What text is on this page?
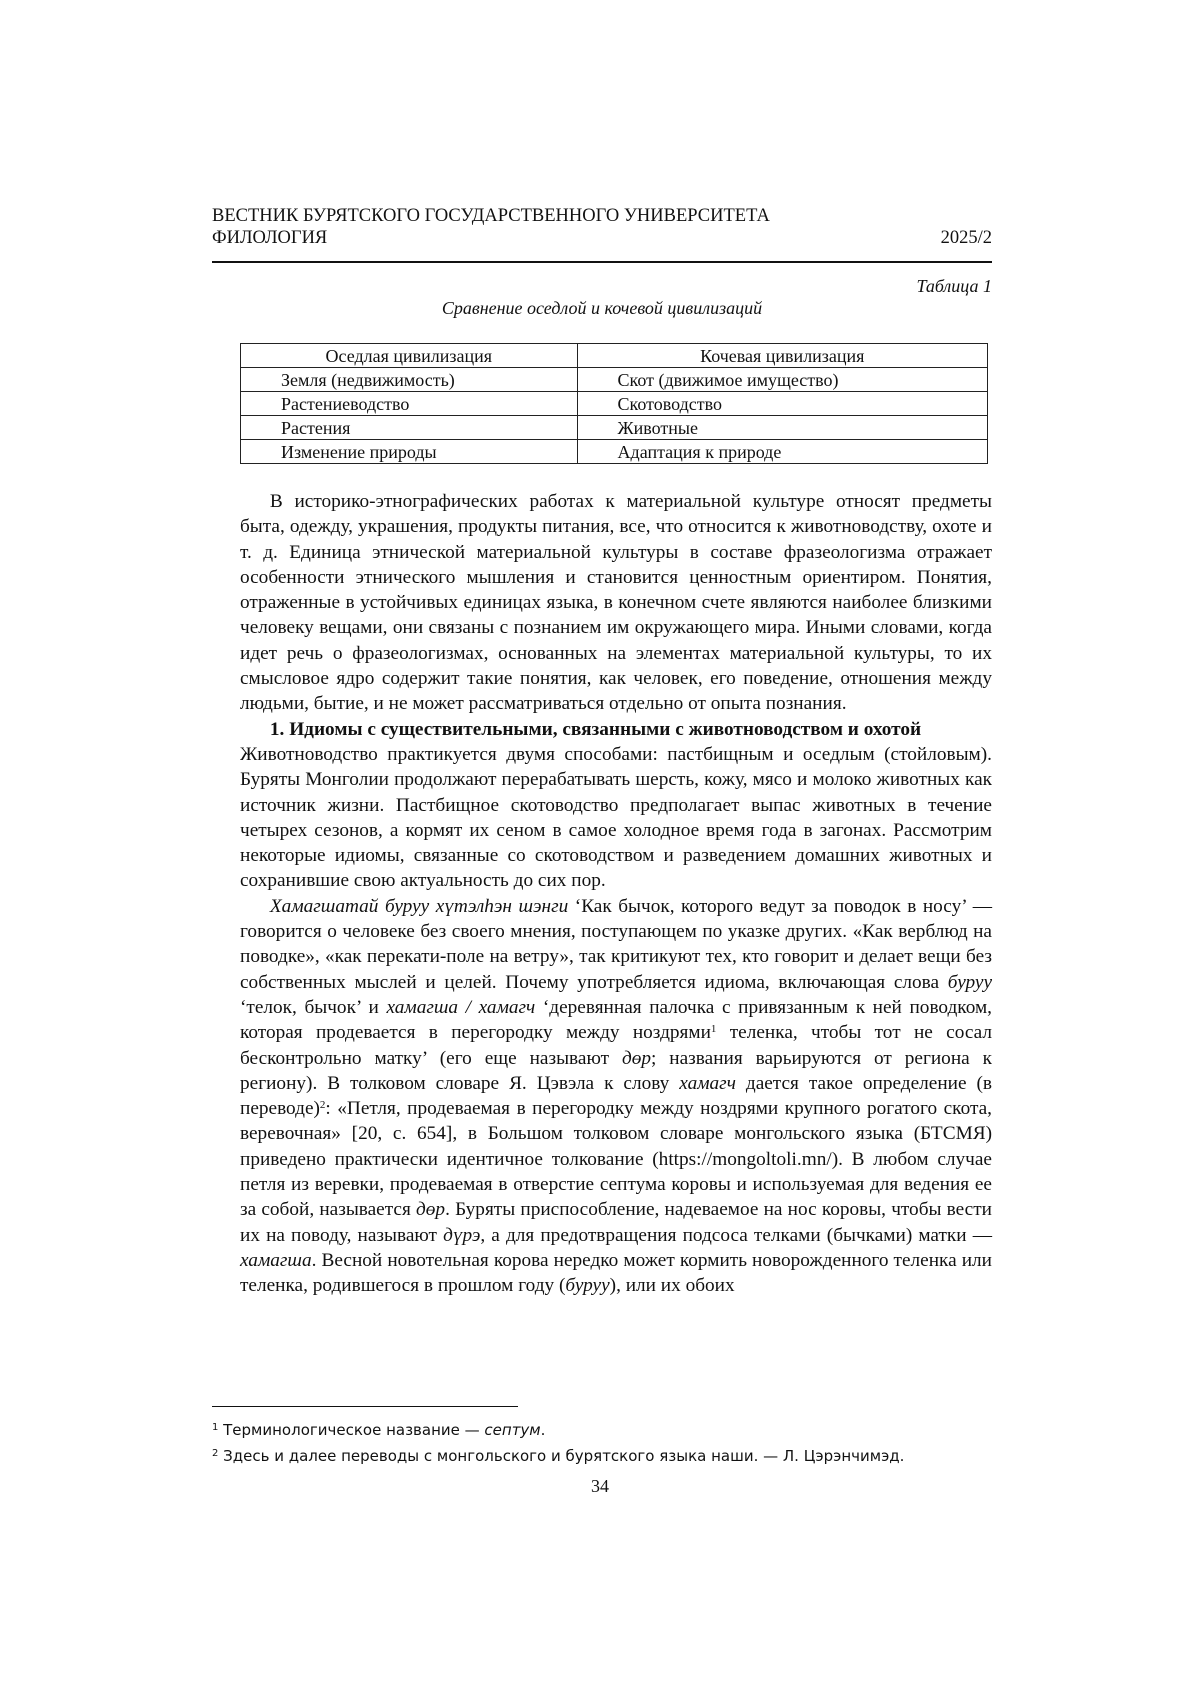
ВЕСТНИК БУРЯТСКОГО ГОСУДАРСТВЕННОГО УНИВЕРСИТЕТА
ФИЛОЛОГИЯ	2025/2
Таблица 1
Сравнение оседлой и кочевой цивилизаций
Оседлая цивилизация	Кочевая цивилизация
Земля (недвижимость)	Скот (движимое имущество)
Растениеводство	Скотоводство
Растения	Животные
Изменение природы	Адаптация к природе

В историко-этнографических работах к материальной культуре относят предметы быта, одежду, украшения, продукты питания, все, что относится к животноводству, охоте и т. д. Единица этнической материальной культуры в составе фразеологизма отражает особенности этнического мышления и становится ценностным ориентиром. Понятия, отраженные в устойчивых единицах языка, в конечном счете являются наиболее близкими человеку вещами, они связаны с познанием им окружающего мира. Иными словами, когда идет речь о фразеологизмах, основанных на элементах материальной культуры, то их смысловое ядро содержит такие понятия, как человек, его поведение, отношения между людьми, бытие, и не может рассматриваться отдельно от опыта познания.

1. Идиомы с существительными, связанными с животноводством и охотой

Животноводство практикуется двумя способами: пастбищным и оседлым (стойловым). Буряты Монголии продолжают перерабатывать шерсть, кожу, мясо и молоко животных как источник жизни. Пастбищное скотоводство предполагает выпас животных в течение четырех сезонов, а кормят их сеном в самое холодное время года в загонах. Рассмотрим некоторые идиомы, связанные со скотоводством и разведением домашних животных и сохранившие свою актуальность до сих пор.

Хамагшатай буруу хүтэлһэн шэнги ‘Как бычок, которого ведут за поводок в носу’ — говорится о человеке без своего мнения, поступающем по указке других. «Как верблюд на поводке», «как перекати-поле на ветру», так критикуют тех, кто говорит и делает вещи без собственных мыслей и целей. Почему употребляется идиома, включающая слова буруу ‘телок, бычок’ и хамагша / хамагч ‘деревянная палочка с привязанным к ней поводком, которая продевается в перегородку между ноздрями1 теленка, чтобы тот не сосал бесконтрольно матку’ (его еще называют дөр; названия варьируются от региона к региону). В толковом словаре Я. Цэвэла к слову хамагч дается такое определение (в переводе)2: «Петля, продеваемая в перегородку между ноздрями крупного рогатого скота, веревочная» [20, с. 654], в Большом толковом словаре монгольского языка (БТСМЯ) приведено практически идентичное толкование (https://mongoltoli.mn/). В любом случае петля из веревки, продеваемая в отверстие септума коровы и используемая для ведения ее за собой, называется дөр. Буряты приспособление, надеваемое на нос коровы, чтобы вести их на поводу, называют дүрэ, а для предотвращения подсоса телками (бычками) матки — хамагша. Весной новотельная корова нередко может кормить новорожденного теленка или теленка, родившегося в прошлом году (буруу), или их обоих

1 Терминологическое название — септум.
2 Здесь и далее переводы с монгольского и бурятского языка наши. — Л. Цэрэнчимэд.
34
